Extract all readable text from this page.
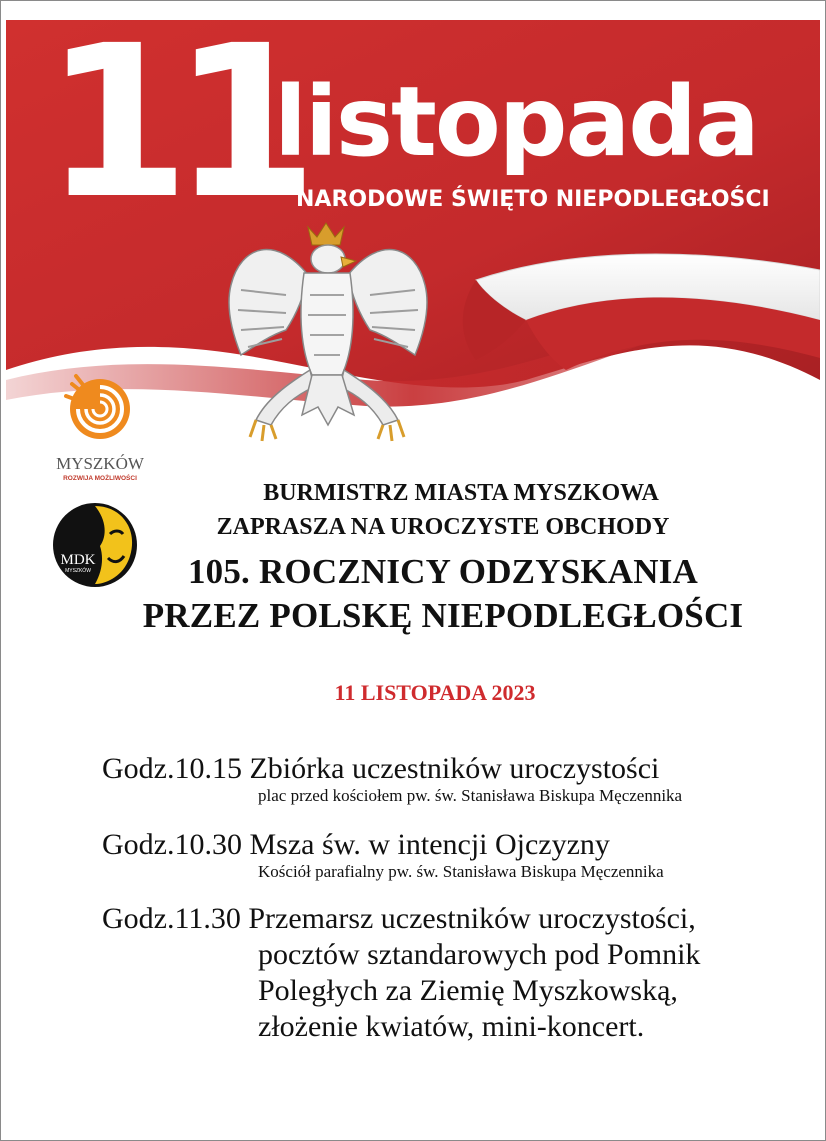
11
listopada
NARODOWE ŚWIĘTO NIEPODLEGŁOŚCI
MYSZKÓW
ROZWIJA MOŻLIWOŚCI
MDK
MYSZKÓW
BURMISTRZ MIASTA MYSZKOWA
ZAPRASZA NA UROCZYSTE OBCHODY
105. ROCZNICY ODZYSKANIA
PRZEZ POLSKĘ NIEPODLEGŁOŚCI
11 LISTOPADA 2023
Godz.10.15 Zbiórka uczestników uroczystości
plac przed kościołem pw. św. Stanisława Biskupa Męczennika
Godz.10.30 Msza św. w intencji Ojczyzny
Kościół parafialny pw. św. Stanisława Biskupa Męczennika
Godz.11.30 Przemarsz uczestników uroczystości,
pocztów sztandarowych pod Pomnik
Poległych za Ziemię Myszkowską,
złożenie kwiatów, mini-koncert.
